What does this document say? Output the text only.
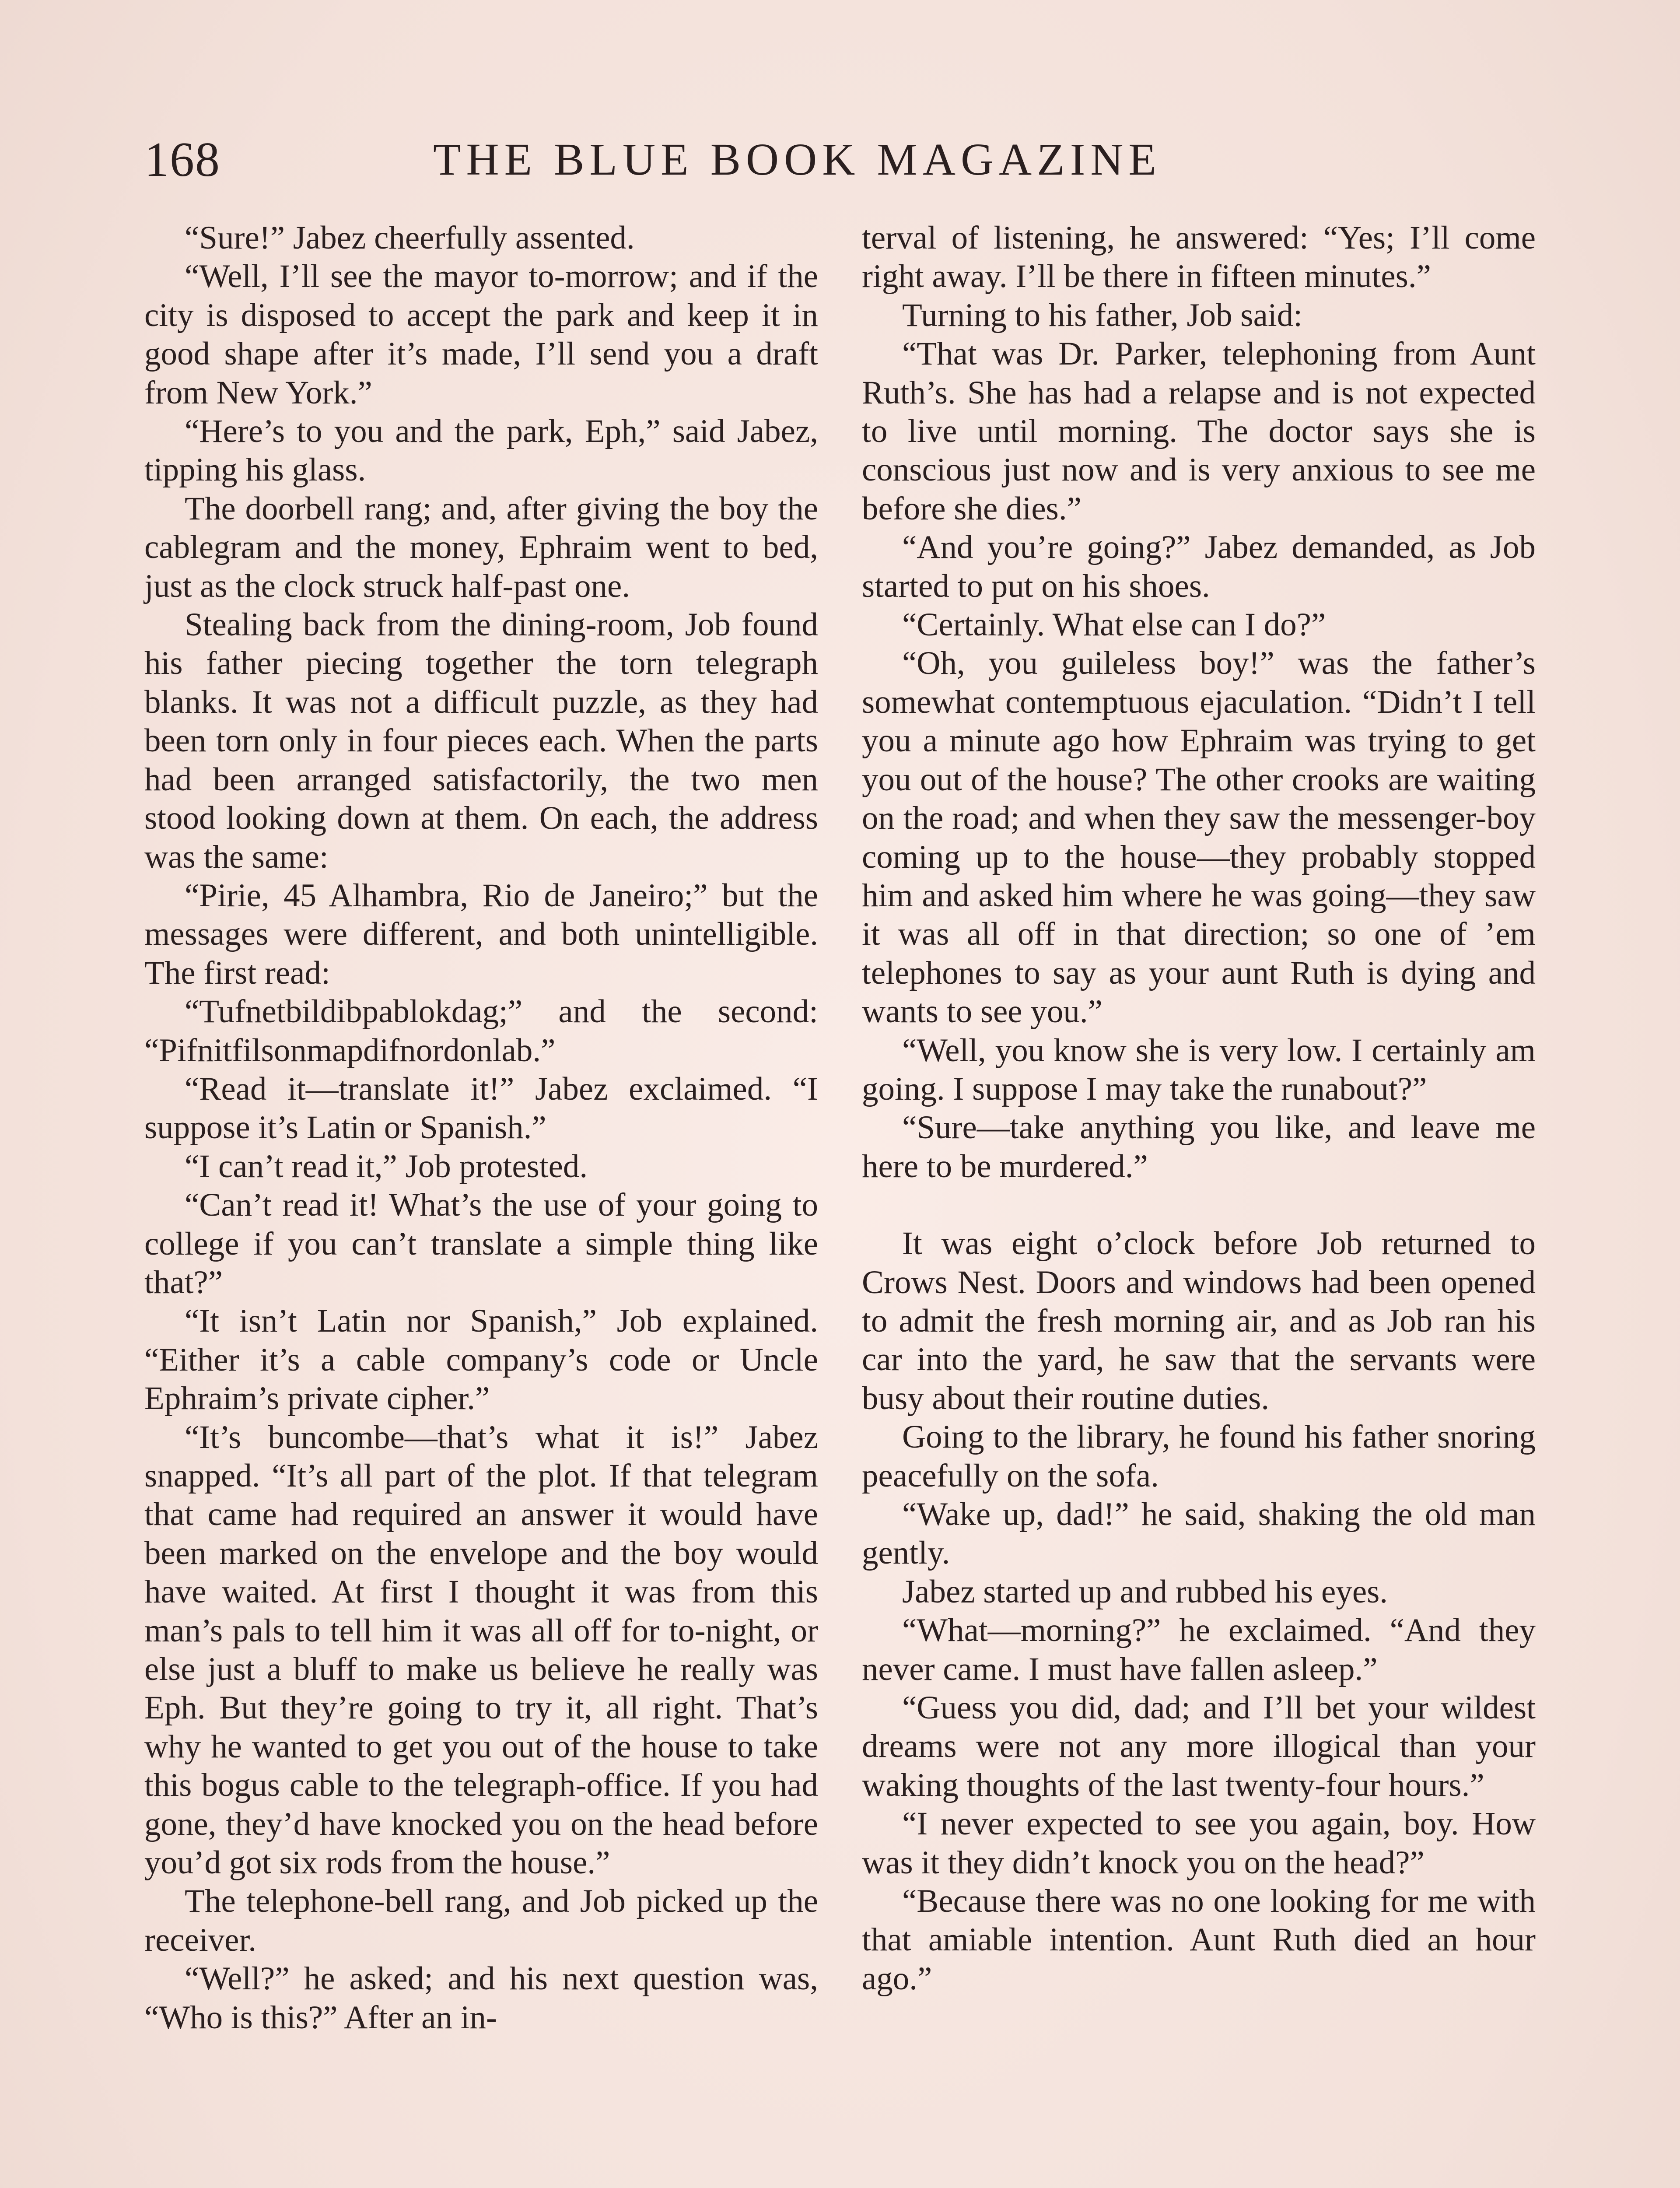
168	THE BLUE BOOK MAGAZINE

“Sure!” Jabez cheerfully assented.

“Well, I’ll see the mayor to-morrow; and if the city is disposed to accept the park and keep it in good shape after it’s made, I’ll send you a draft from New York.”

“Here’s to you and the park, Eph,” said Jabez, tipping his glass.

The doorbell rang; and, after giving the boy the cablegram and the money, Ephraim went to bed, just as the clock struck half-past one.

Stealing back from the dining-room, Job found his father piecing together the torn telegraph blanks. It was not a difficult puzzle, as they had been torn only in four pieces each. When the parts had been arranged satisfactorily, the two men stood looking down at them. On each, the address was the same:

“Pirie, 45 Alhambra, Rio de Janeiro;” but the messages were different, and both unintelligible. The first read:

“Tufnetbildibpablokdag;” and the second: “Pifnitfilsonmapdifnordonlab.”

“Read it—translate it!” Jabez exclaimed. “I suppose it’s Latin or Spanish.”

“I can’t read it,” Job protested.

“Can’t read it! What’s the use of your going to college if you can’t translate a simple thing like that?”

“It isn’t Latin nor Spanish,” Job explained. “Either it’s a cable company’s code or Uncle Ephraim’s private cipher.”

“It’s buncombe—that’s what it is!” Jabez snapped. “It’s all part of the plot. If that telegram that came had required an answer it would have been marked on the envelope and the boy would have waited. At first I thought it was from this man’s pals to tell him it was all off for to-night, or else just a bluff to make us believe he really was Eph. But they’re going to try it, all right. That’s why he wanted to get you out of the house to take this bogus cable to the telegraph-office. If you had gone, they’d have knocked you on the head before you’d got six rods from the house.”

The telephone-bell rang, and Job picked up the receiver.

“Well?” he asked; and his next question was, “Who is this?” After an in-

terval of listening, he answered: “Yes; I’ll come right away. I’ll be there in fifteen minutes.”

Turning to his father, Job said:

“That was Dr. Parker, telephoning from Aunt Ruth’s. She has had a relapse and is not expected to live until morning. The doctor says she is conscious just now and is very anxious to see me before she dies.”

“And you’re going?” Jabez demanded, as Job started to put on his shoes.

“Certainly. What else can I do?”

“Oh, you guileless boy!” was the father’s somewhat contemptuous ejaculation. “Didn’t I tell you a minute ago how Ephraim was trying to get you out of the house? The other crooks are waiting on the road; and when they saw the messenger-boy coming up to the house—they probably stopped him and asked him where he was going—they saw it was all off in that direction; so one of ’em telephones to say as your aunt Ruth is dying and wants to see you.”

“Well, you know she is very low. I certainly am going. I suppose I may take the runabout?”

“Sure—take anything you like, and leave me here to be murdered.”

It was eight o’clock before Job returned to Crows Nest. Doors and windows had been opened to admit the fresh morning air, and as Job ran his car into the yard, he saw that the servants were busy about their routine duties.

Going to the library, he found his father snoring peacefully on the sofa.

“Wake up, dad!” he said, shaking the old man gently.

Jabez started up and rubbed his eyes.

“What—morning?” he exclaimed. “And they never came. I must have fallen asleep.”

“Guess you did, dad; and I’ll bet your wildest dreams were not any more illogical than your waking thoughts of the last twenty-four hours.”

“I never expected to see you again, boy. How was it they didn’t knock you on the head?”

“Because there was no one looking for me with that amiable intention. Aunt Ruth died an hour ago.”
